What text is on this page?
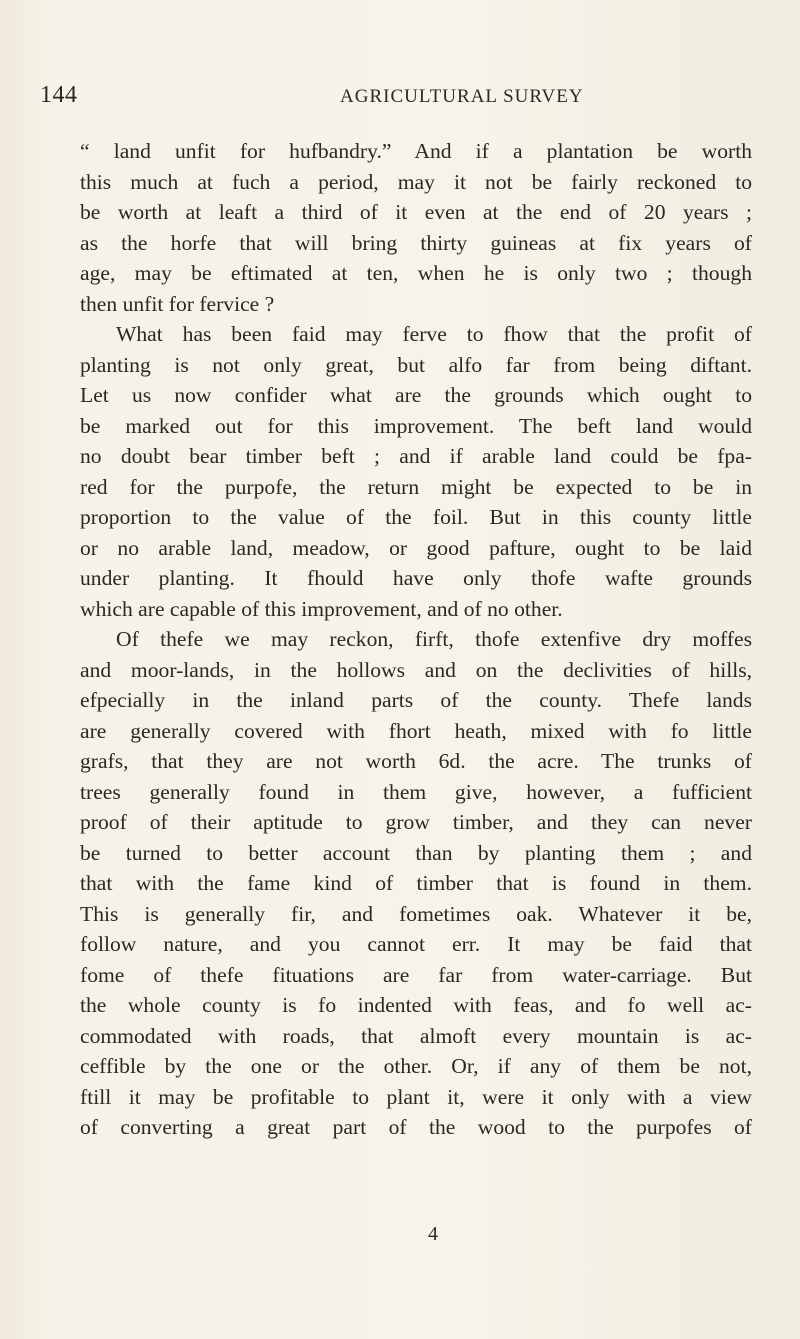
144	AGRICULTURAL SURVEY
“ land unfit for hufbandry.” And if a plantation be worth
this much at fuch a period, may it not be fairly reckoned to
be worth at leaft a third of it even at the end of 20 years ;
as the horfe that will bring thirty guineas at fix years of
age, may be eftimated at ten, when he is only two ; though
then unfit for fervice ?
What has been faid may ferve to fhow that the profit of
planting is not only great, but alfo far from being diftant.
Let us now confider what are the grounds which ought to
be marked out for this improvement. The beft land would
no doubt bear timber beft ; and if arable land could be fpa-
red for the purpofe, the return might be expected to be in
proportion to the value of the foil. But in this county little
or no arable land, meadow, or good pafture, ought to be laid
under planting. It fhould have only thofe wafte grounds
which are capable of this improvement, and of no other.
Of thefe we may reckon, firft, thofe extenfive dry moffes
and moor-lands, in the hollows and on the declivities of hills,
efpecially in the inland parts of the county. Thefe lands
are generally covered with fhort heath, mixed with fo little
grafs, that they are not worth 6d. the acre. The trunks of
trees generally found in them give, however, a fufficient
proof of their aptitude to grow timber, and they can never
be turned to better account than by planting them ; and
that with the fame kind of timber that is found in them.
This is generally fir, and fometimes oak. Whatever it be,
follow nature, and you cannot err. It may be faid that
fome of thefe fituations are far from water-carriage. But
the whole county is fo indented with feas, and fo well ac-
commodated with roads, that almoft every mountain is ac-
ceffible by the one or the other. Or, if any of them be not,
ftill it may be profitable to plant it, were it only with a view
of converting a great part of the wood to the purpofes of
4
